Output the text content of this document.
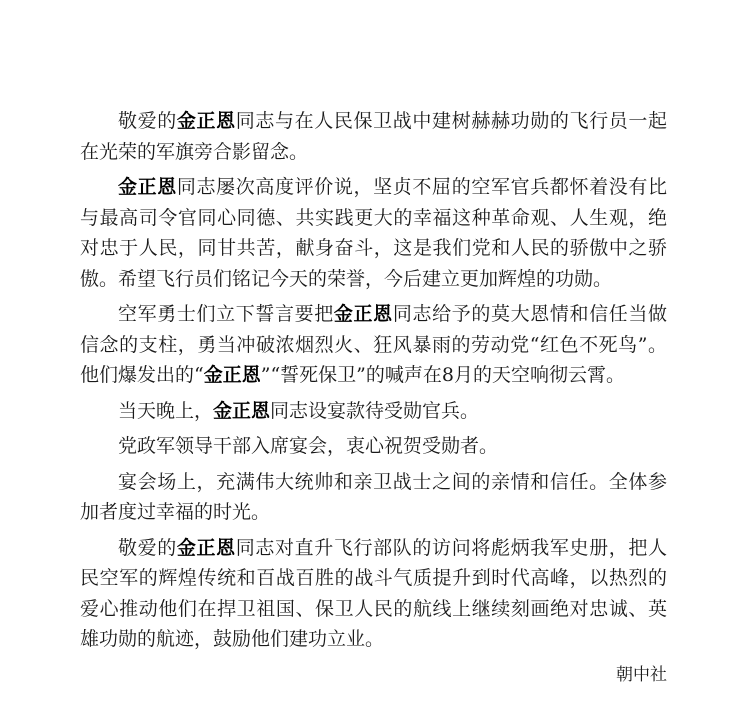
敬爱的金正恩同志与在人民保卫战中建树赫赫功勋的飞行员一起在光荣的军旗旁合影留念。

金正恩同志屡次高度评价说，坚贞不屈的空军官兵都怀着没有比与最高司令官同心同德、共实践更大的幸福这种革命观、人生观，绝对忠于人民，同甘共苦，献身奋斗，这是我们党和人民的骄傲中之骄傲。希望飞行员们铭记今天的荣誉，今后建立更加辉煌的功勋。

空军勇士们立下誓言要把金正恩同志给予的莫大恩情和信任当做信念的支柱，勇当冲破浓烟烈火、狂风暴雨的劳动党“红色不死鸟”。他们爆发出的“金正恩”“誓死保卫”的喊声在8月的天空响彻云霄。

当天晚上，金正恩同志设宴款待受勋官兵。

党政军领导干部入席宴会，衷心祝贺受勋者。

宴会场上，充满伟大统帅和亲卫战士之间的亲情和信任。全体参加者度过幸福的时光。

敬爱的金正恩同志对直升飞行部队的访问将彪炳我军史册，把人民空军的辉煌传统和百战百胜的战斗气质提升到时代高峰，以热烈的爱心推动他们在捍卫祖国、保卫人民的航线上继续刻画绝对忠诚、英雄功勋的航迹，鼓励他们建功立业。

朝中社
